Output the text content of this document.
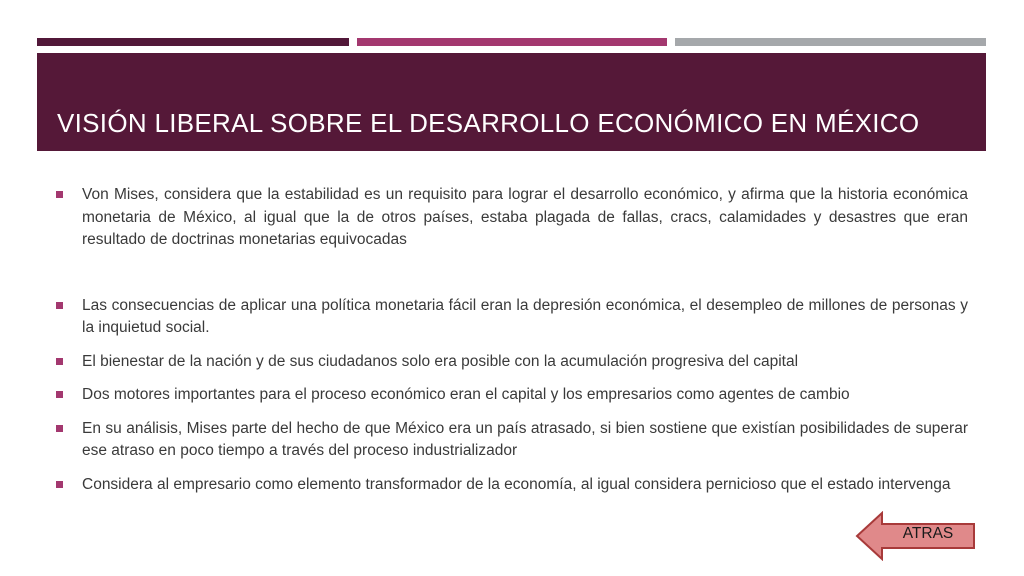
VISIÓN LIBERAL SOBRE EL DESARROLLO ECONÓMICO EN MÉXICO
Von Mises, considera que la estabilidad es un requisito para lograr el desarrollo económico, y afirma que la historia económica monetaria de México, al igual que la de otros países, estaba plagada de fallas, cracs, calamidades y desastres que eran resultado de doctrinas monetarias equivocadas
Las consecuencias de aplicar una política monetaria fácil eran la depresión económica, el desempleo de millones de personas y la inquietud social.
El bienestar de la nación y de sus ciudadanos solo era posible con la acumulación progresiva del capital
Dos motores importantes para el proceso económico eran el capital y los empresarios como agentes de cambio
En su análisis, Mises parte del hecho de que México era un país atrasado, si bien sostiene que existían posibilidades de superar ese atraso en poco tiempo a través del proceso industrializador
Considera al empresario como elemento transformador de la economía, al igual considera pernicioso que el estado intervenga
ATRAS
